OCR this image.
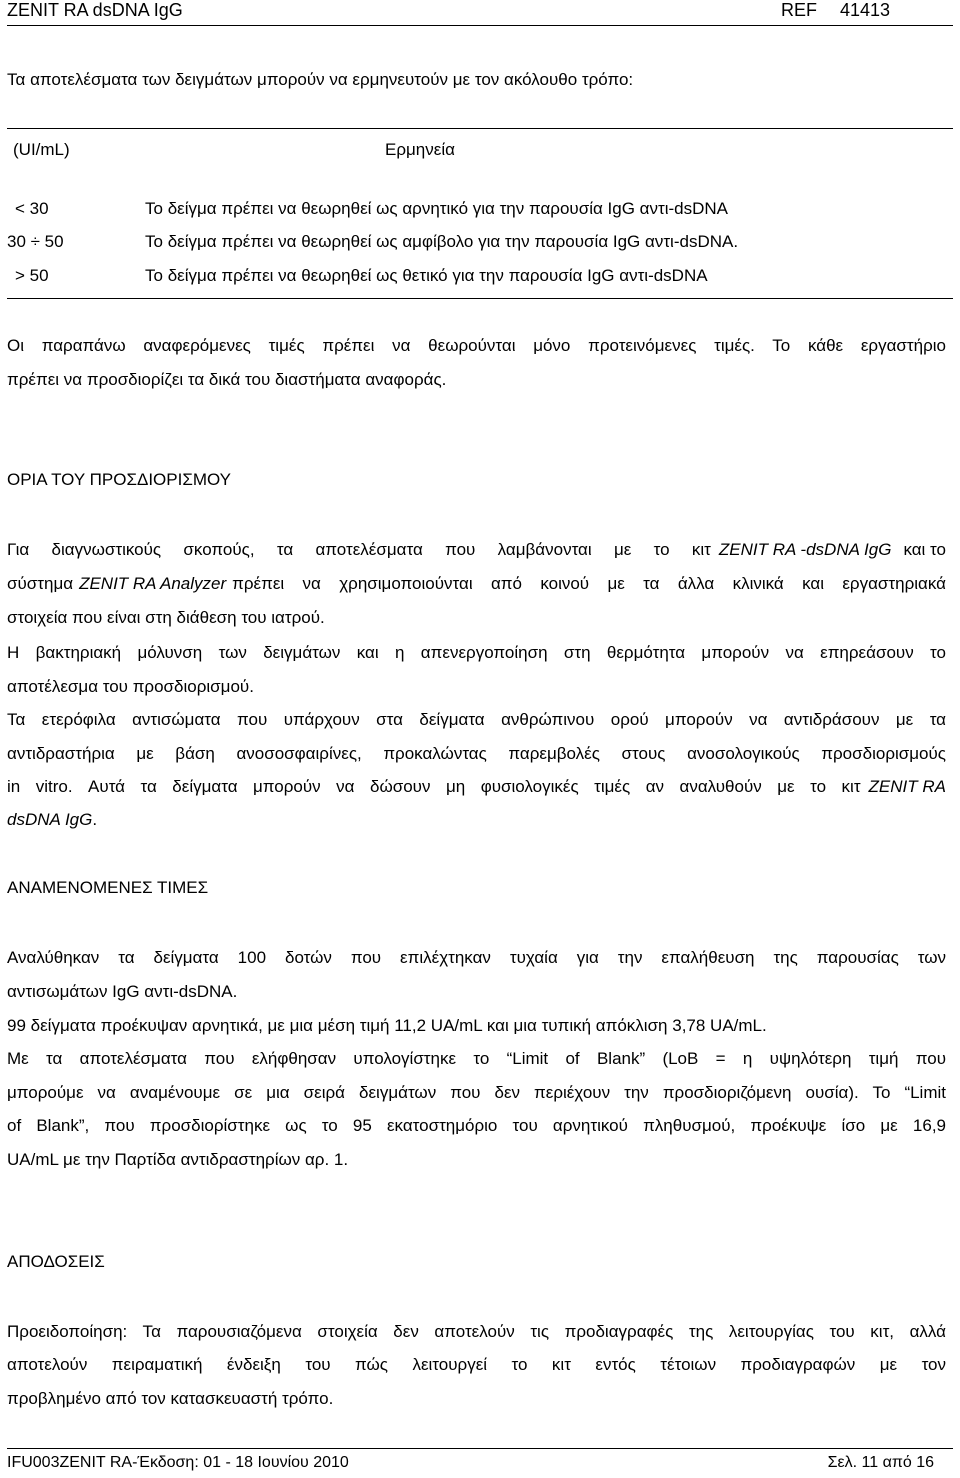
ZENIT RA dsDNA IgG	REF 41413
Τα αποτελέσματα των δειγμάτων μπορούν να ερμηνευτούν με τον ακόλουθο τρόπο:
(UI/mL)	Ερμηνεία
< 30	Το δείγμα πρέπει να θεωρηθεί ως αρνητικό για την παρουσία IgG αντι-dsDNA
30 ÷ 50	Το δείγμα πρέπει να θεωρηθεί ως αμφίβολο για την παρουσία IgG αντι-dsDNA.
> 50	Το δείγμα πρέπει να θεωρηθεί ως θετικό για την παρουσία IgG αντι-dsDNA
Οι παραπάνω αναφερόμενες τιμές πρέπει να θεωρούνται μόνο προτεινόμενες τιμές. Το κάθε εργαστήριο
πρέπει να προσδιορίζει τα δικά του διαστήματα αναφοράς.
ΟΡΙΑ ΤΟΥ ΠΡΟΣΔΙΟΡΙΣΜΟΥ
Για διαγνωστικούς σκοπούς, τα αποτελέσματα που λαμβάνονται με το κιτ ZENIT RA -dsDNA IgG και το
σύστημα ZENIT RA Analyzer πρέπει να χρησιμοποιούνται από κοινού με τα άλλα κλινικά και εργαστηριακά
στοιχεία που είναι στη διάθεση του ιατρού.
Η βακτηριακή μόλυνση των δειγμάτων και η απενεργοποίηση στη θερμότητα μπορούν να επηρεάσουν το
αποτέλεσμα του προσδιορισμού.
Τα ετερόφιλα αντισώματα που υπάρχουν στα δείγματα ανθρώπινου ορού μπορούν να αντιδράσουν με τα
αντιδραστήρια με βάση ανοσοσφαιρίνες, προκαλώντας παρεμβολές στους ανοσολογικούς προσδιορισμούς
in vitro. Αυτά τα δείγματα μπορούν να δώσουν μη φυσιολογικές τιμές αν αναλυθούν με το κιτ ZENIT RA
dsDNA IgG.
ΑΝΑΜΕΝΟΜΕΝΕΣ ΤΙΜΕΣ
Αναλύθηκαν τα δείγματα 100 δοτών που επιλέχτηκαν τυχαία για την επαλήθευση της παρουσίας των
αντισωμάτων IgG αντι-dsDNA.
99 δείγματα προέκυψαν αρνητικά, με μια μέση τιμή 11,2 UA/mL και μια τυπική απόκλιση 3,78 UA/mL.
Με τα αποτελέσματα που ελήφθησαν υπολογίστηκε το “Limit of Blank” (LoB = η υψηλότερη τιμή που
μπορούμε να αναμένουμε σε μια σειρά δειγμάτων που δεν περιέχουν την προσδιοριζόμενη ουσία). Το “Limit
of Blank”, που προσδιορίστηκε ως το 95 εκατοστημόριο του αρνητικού πληθυσμού, προέκυψε ίσο με 16,9
UA/mL με την Παρτίδα αντιδραστηρίων αρ. 1.
ΑΠΟΔΟΣΕΙΣ
Προειδοποίηση: Τα παρουσιαζόμενα στοιχεία δεν αποτελούν τις προδιαγραφές της λειτουργίας του κιτ, αλλά
αποτελούν πειραματική ένδειξη του πώς λειτουργεί το κιτ εντός τέτοιων προδιαγραφών με τον
προβλημένο από τον κατασκευαστή τρόπο.
IFU003ZENIT RA-Έκδοση: 01 - 18 Ιουνίου 2010	Σελ. 11 από 16
